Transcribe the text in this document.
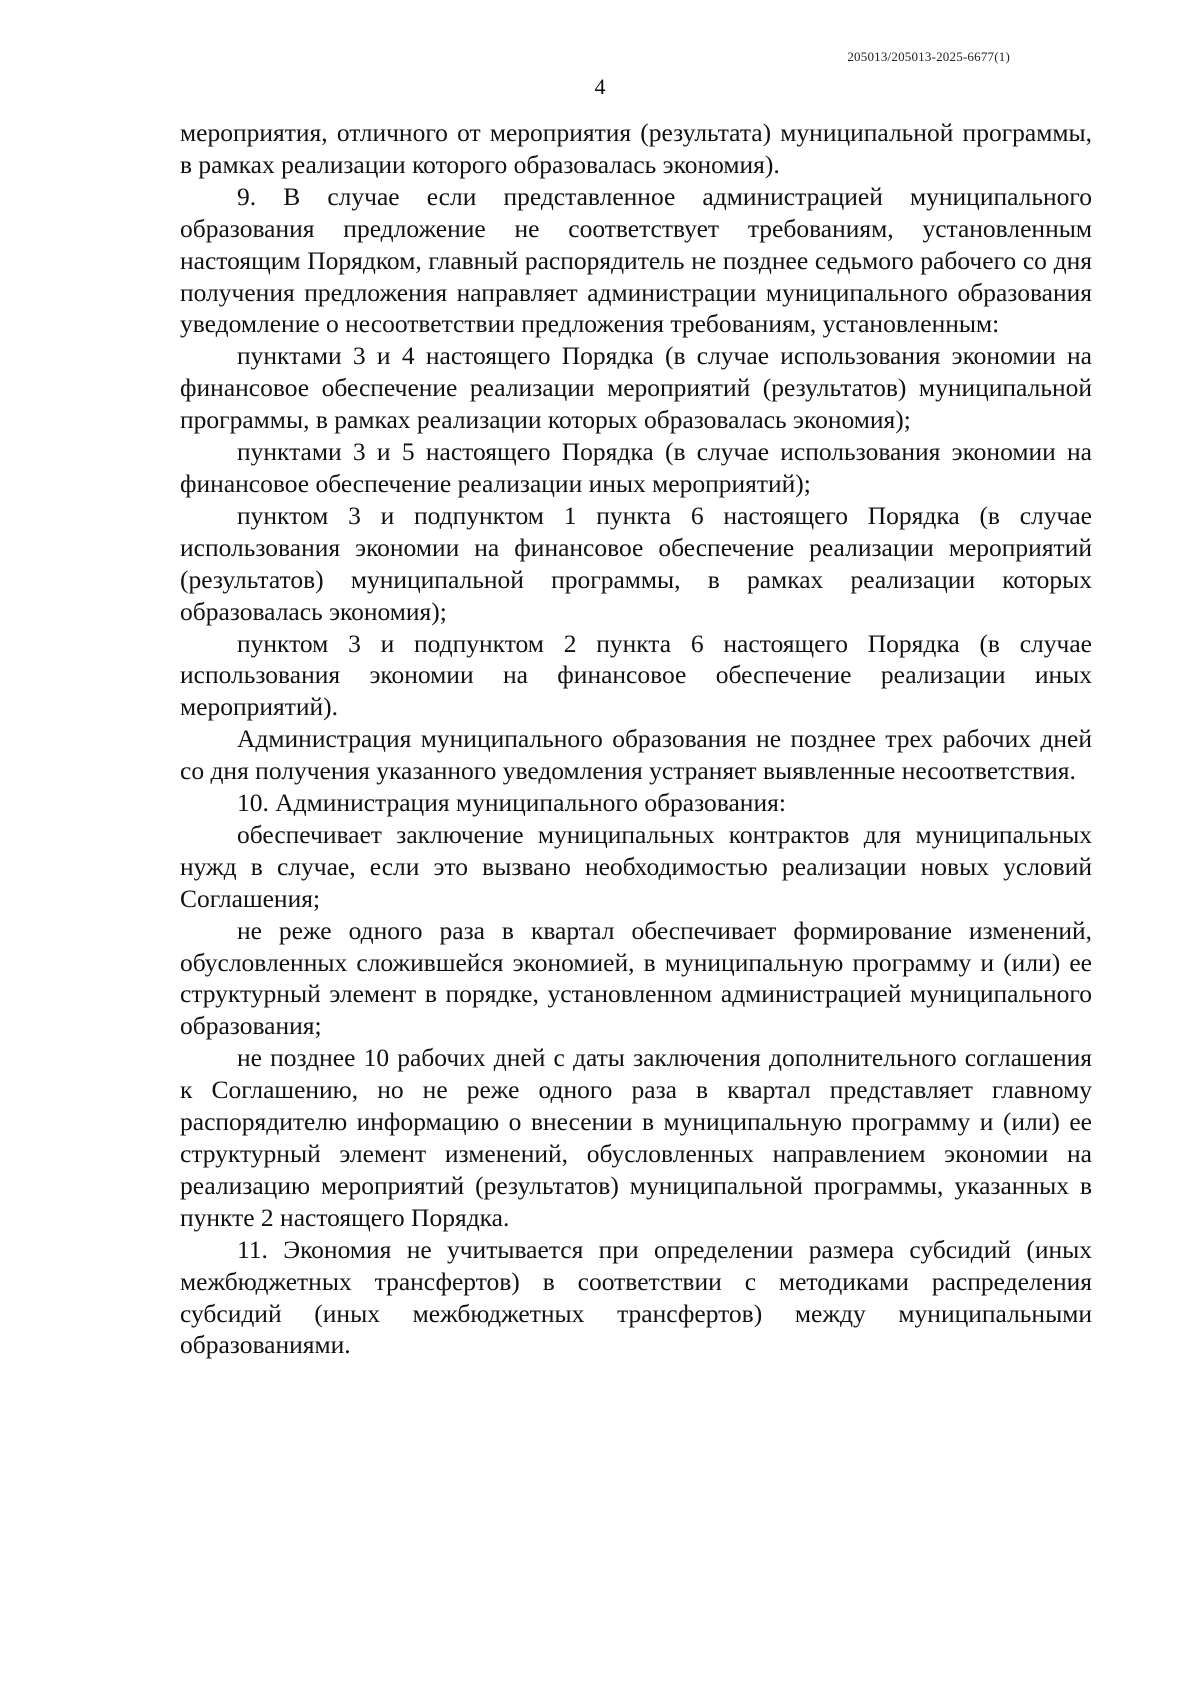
205013/205013-2025-6677(1)
4

мероприятия, отличного от мероприятия (результата) муниципальной программы, в рамках реализации которого образовалась экономия).

9. В случае если представленное администрацией муниципального образования предложение не соответствует требованиям, установленным настоящим Порядком, главный распорядитель не позднее седьмого рабочего со дня получения предложения направляет администрации муниципального образования уведомление о несоответствии предложения требованиям, установленным:

пунктами 3 и 4 настоящего Порядка (в случае использования экономии на финансовое обеспечение реализации мероприятий (результатов) муниципальной программы, в рамках реализации которых образовалась экономия);

пунктами 3 и 5 настоящего Порядка (в случае использования экономии на финансовое обеспечение реализации иных мероприятий);

пунктом 3 и подпунктом 1 пункта 6 настоящего Порядка (в случае использования экономии на финансовое обеспечение реализации мероприятий (результатов) муниципальной программы, в рамках реализации которых образовалась экономия);

пунктом 3 и подпунктом 2 пункта 6 настоящего Порядка (в случае использования экономии на финансовое обеспечение реализации иных мероприятий).

Администрация муниципального образования не позднее трех рабочих дней со дня получения указанного уведомления устраняет выявленные несоответствия.

10. Администрация муниципального образования:

обеспечивает заключение муниципальных контрактов для муниципальных нужд в случае, если это вызвано необходимостью реализации новых условий Соглашения;

не реже одного раза в квартал обеспечивает формирование изменений, обусловленных сложившейся экономией, в муниципальную программу и (или) ее структурный элемент в порядке, установленном администрацией муниципального образования;

не позднее 10 рабочих дней с даты заключения дополнительного соглашения к Соглашению, но не реже одного раза в квартал представляет главному распорядителю информацию о внесении в муниципальную программу и (или) ее структурный элемент изменений, обусловленных направлением экономии на реализацию мероприятий (результатов) муниципальной программы, указанных в пункте 2 настоящего Порядка.

11. Экономия не учитывается при определении размера субсидий (иных межбюджетных трансфертов) в соответствии с методиками распределения субсидий (иных межбюджетных трансфертов) между муниципальными образованиями.
